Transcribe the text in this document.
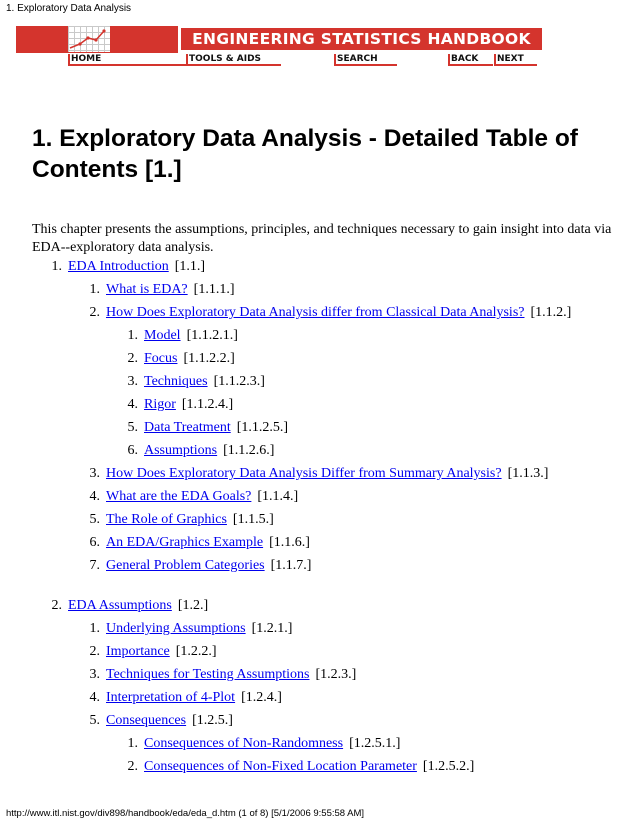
1. Exploratory Data Analysis
ENGINEERING STATISTICS HANDBOOK
HOME	TOOLS & AIDS	SEARCH	BACK	NEXT
1. Exploratory Data Analysis - Detailed Table of Contents [1.]

This chapter presents the assumptions, principles, and techniques necessary to gain insight into data via EDA--exploratory data analysis.

1. EDA Introduction [1.1.]
1. What is EDA? [1.1.1.]
2. How Does Exploratory Data Analysis differ from Classical Data Analysis? [1.1.2.]
1. Model [1.1.2.1.]
2. Focus [1.1.2.2.]
3. Techniques [1.1.2.3.]
4. Rigor [1.1.2.4.]
5. Data Treatment [1.1.2.5.]
6. Assumptions [1.1.2.6.]
3. How Does Exploratory Data Analysis Differ from Summary Analysis? [1.1.3.]
4. What are the EDA Goals? [1.1.4.]
5. The Role of Graphics [1.1.5.]
6. An EDA/Graphics Example [1.1.6.]
7. General Problem Categories [1.1.7.]
2. EDA Assumptions [1.2.]
1. Underlying Assumptions [1.2.1.]
2. Importance [1.2.2.]
3. Techniques for Testing Assumptions [1.2.3.]
4. Interpretation of 4-Plot [1.2.4.]
5. Consequences [1.2.5.]
1. Consequences of Non-Randomness [1.2.5.1.]
2. Consequences of Non-Fixed Location Parameter [1.2.5.2.]
http://www.itl.nist.gov/div898/handbook/eda/eda_d.htm (1 of 8) [5/1/2006 9:55:58 AM]
